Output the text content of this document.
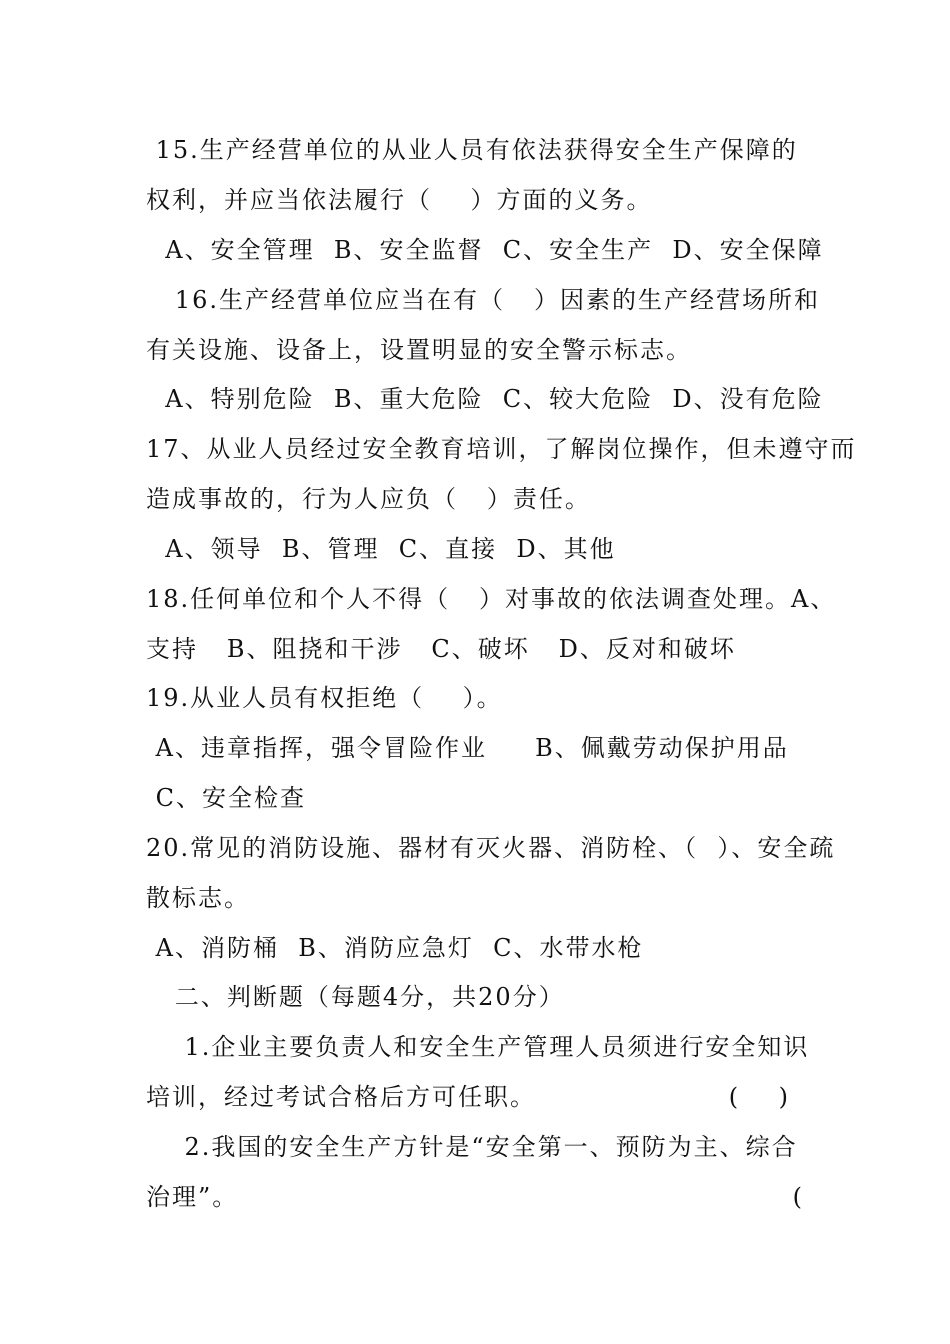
15.生产经营单位的从业人员有依法获得安全生产保障的
权利，并应当依法履行（    ）方面的义务。
A、安全管理  B、安全监督  C、安全生产  D、安全保障
16.生产经营单位应当在有（   ）因素的生产经营场所和
有关设施、设备上，设置明显的安全警示标志。
A、特别危险  B、重大危险  C、较大危险  D、没有危险
17、从业人员经过安全教育培训，了解岗位操作，但未遵守而
造成事故的，行为人应负（   ）责任。
A、领导  B、管理  C、直接  D、其他
18.任何单位和个人不得（   ）对事故的依法调查处理。A、
支持   B、阻挠和干涉   C、破坏   D、反对和破坏
19.从业人员有权拒绝（    ）。
A、违章指挥，强令冒险作业     B、佩戴劳动保护用品
C、安全检查
20.常见的消防设施、器材有灭火器、消防栓、（  ）、安全疏
散标志。
A、消防桶  B、消防应急灯  C、水带水枪
二、判断题（每题4分，共20分）
1.企业主要负责人和安全生产管理人员须进行安全知识
培训，经过考试合格后方可任职。	(    )
2.我国的安全生产方针是“安全第一、预防为主、综合
治理”。	(
